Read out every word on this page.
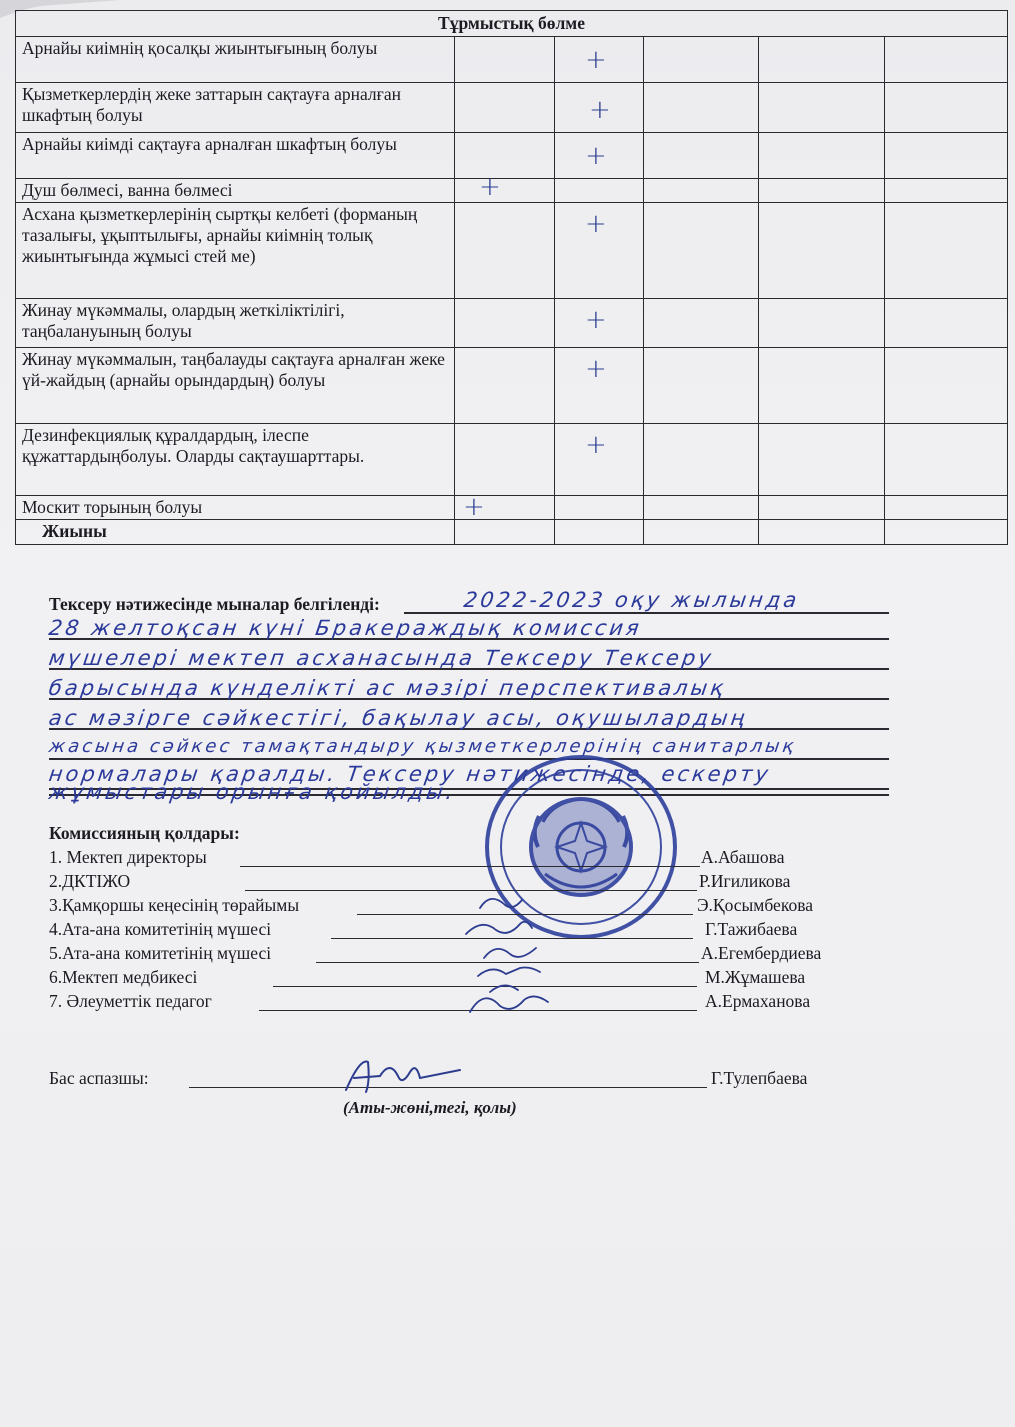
Тұрмыстық бөлме					
Арнайы киімнің қосалқы жиынтығының болуы		+			

Қызметкерлердің жеке заттарын сақтауға арналған шкафтың болуы		+			

Арнайы киімді сақтауға арналған шкафтың болуы		+			

Душ бөлмесі, ванна бөлмесі	+				

Асхана қызметкерлерінің сыртқы келбеті (форманың тазалығы, ұқыптылығы, арнайы киімнің толық жиынтығында жұмысі стей ме)		+			

Жинау мүкәммалы, олардың жеткіліктілігі, таңбалануының болуы		+			

Жинау мүкәммалын, таңбалауды сақтауға арналған жеке үй-жайдың (арнайы орындардың) болуы		+			

Дезинфекциялық құралдардың, ілеспе құжаттардыңболуы. Оларды сақтаушарттары.		+			

Москит торының болуы	+				

Жиыны					
Тексеру нәтижесінде мыналар белгіленді:	2022-2023 оқу жылында
28 желтоқсан күні Бракераждық комиссия
мүшелері мектеп асханасында Тексеру Тексеру
барысында күнделікті ас мәзірі перспективалық
ас мәзірге сәйкестігі, бақылау асы, оқушылардың
жасына сәйкес тамақтандыру қызметкерлерінің санитарлық
нормалары қаралды. Тексеру нәтижесінде, ескерту
жұмыстары орынға қойылды.
Комиссияның қолдары:
1. Мектеп директоры	А.Абашова
2.ДКТІЖО	Р.Игиликова
3.Қамқоршы кеңесінің төрайымы	Э.Қосымбекова
4.Ата-ана комитетінің мүшесі	Г.Тажибаева
5.Ата-ана комитетінің мүшесі	А.Егембердиева
6.Мектеп медбикесі	М.Жұмашева
7. Әлеуметтік педагог	А.Ермаханова
Бас аспазшы:	Г.Тулепбаева
(Аты-жөні,тегі, қолы)
